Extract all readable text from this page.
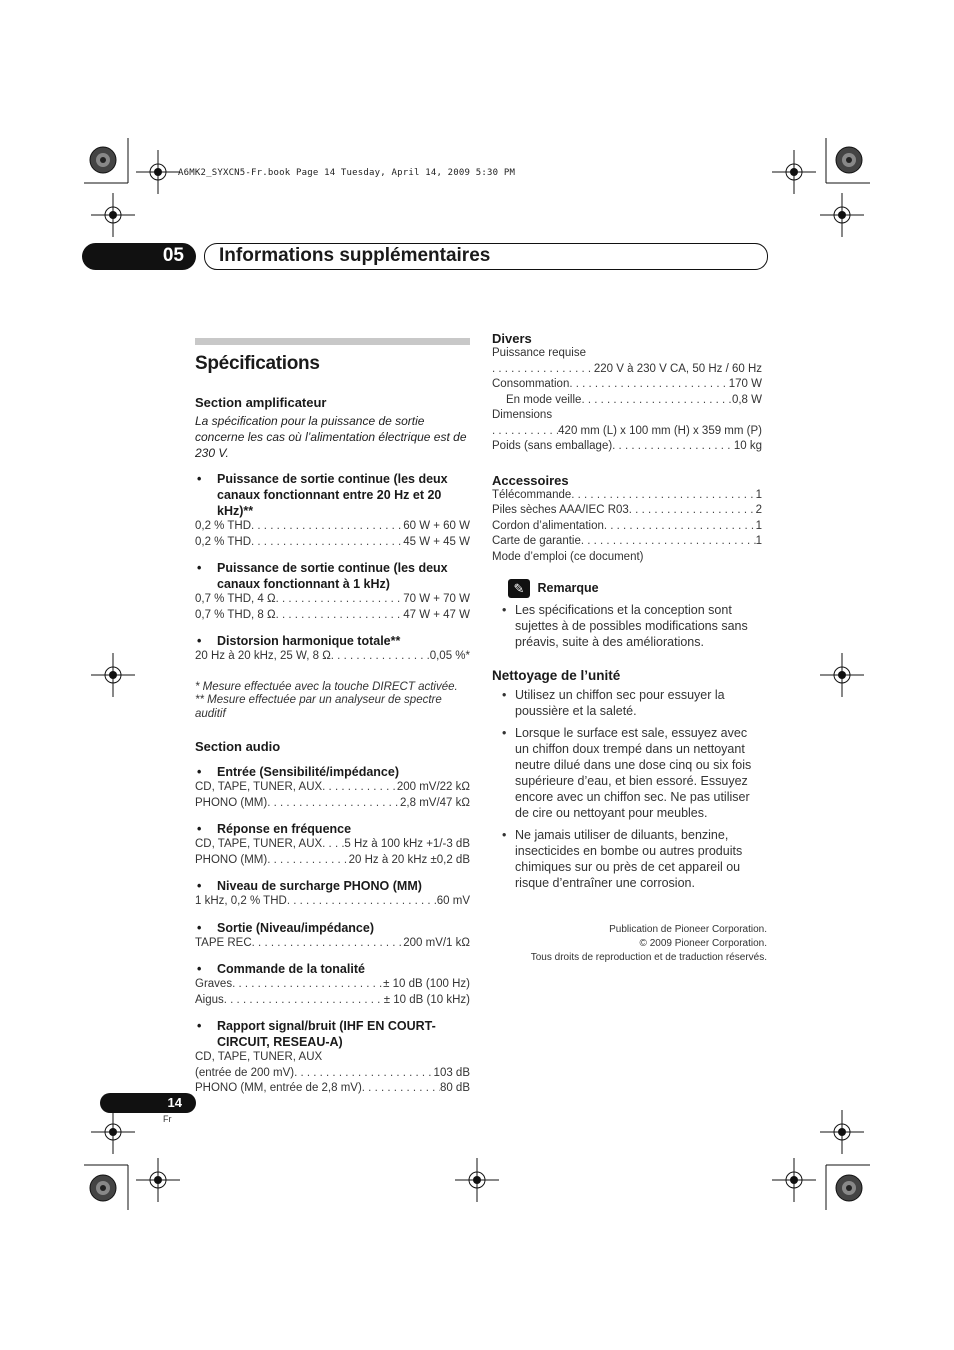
A6MK2_SYXCN5-Fr.book Page 14 Tuesday, April 14, 2009 5:30 PM
05 Informations supplémentaires
Spécifications
Section amplificateur
La spécification pour la puissance de sortie concerne les cas où l’alimentation électrique est de 230 V.
• Puissance de sortie continue (les deux canaux fonctionnant entre 20 Hz et 20 kHz)**
0,2 % THD . . .	60 W + 60 W
0,2 % THD . . .	45 W + 45 W
• Puissance de sortie continue (les deux canaux fonctionnant à 1 kHz)
0,7 % THD, 4 Ω . . .	70 W + 70 W
0,7 % THD, 8 Ω . . .	47 W + 47 W
• Distorsion harmonique totale**
20 Hz à 20 kHz, 25 W, 8 Ω . . .	0,05 %*
* Mesure effectuée avec la touche DIRECT activée.
** Mesure effectuée par un analyseur de spectre auditif
Section audio
• Entrée (Sensibilité/impédance)
CD, TAPE, TUNER, AUX . . .	200 mV/22 kΩ
PHONO (MM) . . .	2,8 mV/47 kΩ
• Réponse en fréquence
CD, TAPE, TUNER, AUX . . . 5 Hz à 100 kHz +1/-3 dB
PHONO (MM) . . .	20 Hz à 20 kHz ±0,2 dB
• Niveau de surcharge PHONO (MM)
1 kHz, 0,2 % THD . . .	60 mV
• Sortie (Niveau/impédance)
TAPE REC . . .	200 mV/1 kΩ
• Commande de la tonalité
Graves . . .	± 10 dB (100 Hz)
Aigus . . .	± 10 dB (10 kHz)
• Rapport signal/bruit (IHF EN COURT-CIRCUIT, RESEAU-A)
CD, TAPE, TUNER, AUX
(entrée de 200 mV) . . .	103 dB
PHONO (MM, entrée de 2,8 mV) . . .	80 dB
Divers
Puissance requise
. . .
220 V à 230 V CA, 50 Hz / 60 Hz
Consommation . . .	170 W
En mode veille . . .	0,8 W
Dimensions
. . .
420 mm (L) x 100 mm (H) x 359 mm (P)
Poids (sans emballage) . . .	10 kg
Accessoires
Télécommande . . .	1
Piles sèches AAA/IEC R03 . . .	2
Cordon d’alimentation . . .	1
Carte de garantie . . .	1
Mode d’emploi (ce document)
✎ Remarque
• Les spécifications et la conception sont sujettes à de possibles modifications sans préavis, suite à des améliorations.
Nettoyage de l’unité
• Utilisez un chiffon sec pour essuyer la poussière et la saleté.
• Lorsque le surface est sale, essuyez avec un chiffon doux trempé dans un nettoyant neutre dilué dans une dose cinq ou six fois supérieure d’eau, et bien essoré. Essuyez encore avec un chiffon sec. Ne pas utiliser de cire ou nettoyant pour meubles.
• Ne jamais utiliser de diluants, benzine, insecticides en bombe ou autres produits chimiques sur ou près de cet appareil ou risque d’entraîner une corrosion.
Publication de Pioneer Corporation.
© 2009 Pioneer Corporation.
Tous droits de reproduction et de traduction réservés.
14
Fr
